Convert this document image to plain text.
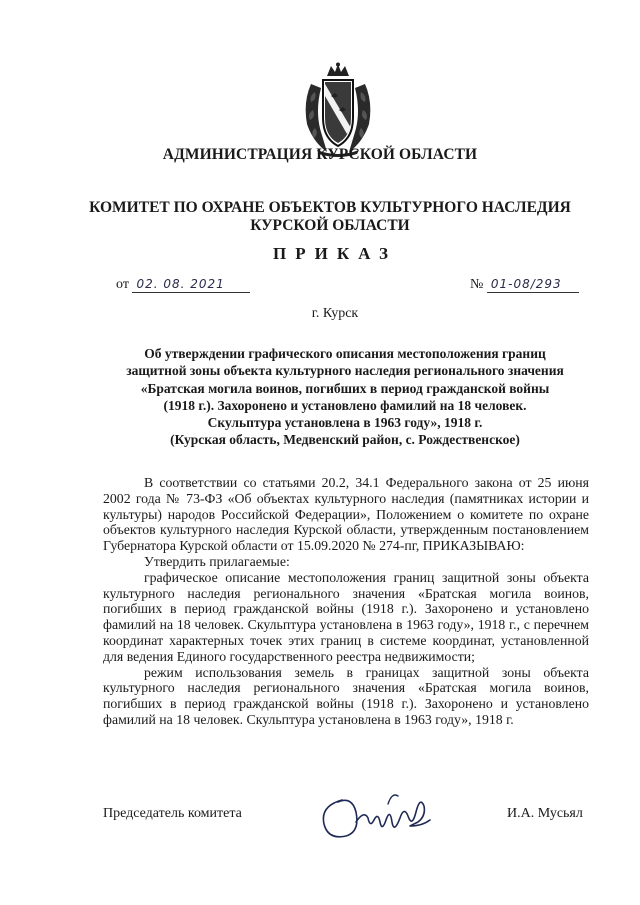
АДМИНИСТРАЦИЯ КУРСКОЙ ОБЛАСТИ
КОМИТЕТ ПО ОХРАНЕ ОБЪЕКТОВ КУЛЬТУРНОГО НАСЛЕДИЯ
КУРСКОЙ ОБЛАСТИ
ПРИКАЗ
от 02. 08. 2021	№ 01-08/293
г. Курск
Об утверждении графического описания местоположения границ
защитной зоны объекта культурного наследия регионального значения
«Братская могила воинов, погибших в период гражданской войны
(1918 г.). Захоронено и установлено фамилий на 18 человек.
Скульптура установлена в 1963 году», 1918 г.
(Курская область, Медвенский район, с. Рождественское)

В соответствии со статьями 20.2, 34.1 Федерального закона от 25 июня 2002 года № 73-ФЗ «Об объектах культурного наследия (памятниках истории и культуры) народов Российской Федерации», Положением о комитете по охране объектов культурного наследия Курской области, утвержденным постановлением Губернатора Курской области от 15.09.2020 № 274-пг, ПРИКАЗЫВАЮ:

Утвердить прилагаемые:

графическое описание местоположения границ защитной зоны объекта культурного наследия регионального значения «Братская могила воинов, погибших в период гражданской войны (1918 г.). Захоронено и установлено фамилий на 18 человек. Скульптура установлена в 1963 году», 1918 г., с перечнем координат характерных точек этих границ в системе координат, установленной для ведения Единого государственного реестра недвижимости;

режим использования земель в границах защитной зоны объекта культурного наследия регионального значения «Братская могила воинов, погибших в период гражданской войны (1918 г.). Захоронено и установлено фамилий на 18 человек. Скульптура установлена в 1963 году», 1918 г.

Председатель комитета	И.А. Мусьял
